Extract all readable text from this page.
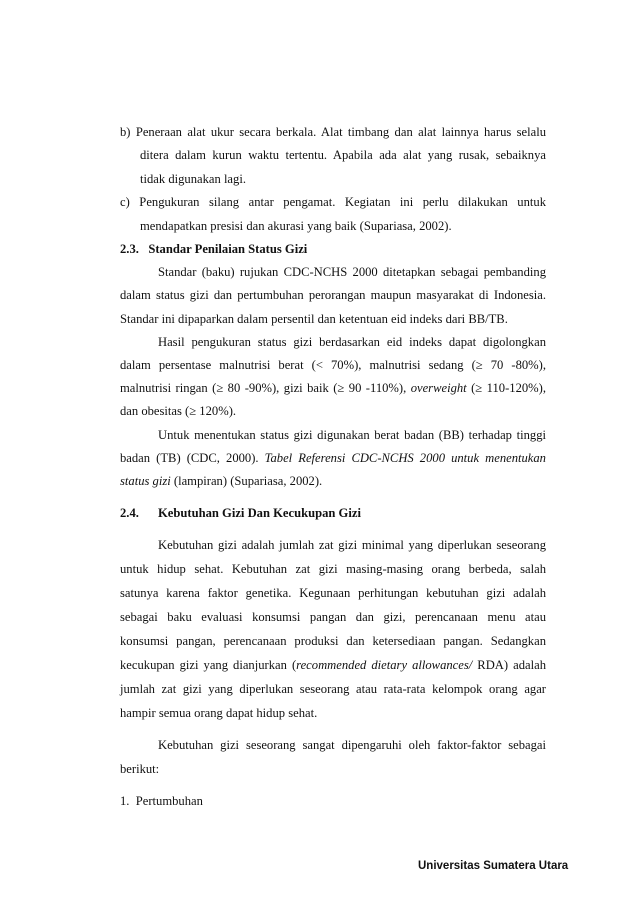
b) Peneraan alat ukur secara berkala. Alat timbang dan alat lainnya harus selalu
ditera dalam kurun waktu tertentu. Apabila ada alat yang rusak, sebaiknya
tidak digunakan lagi.
c) Pengukuran silang antar pengamat. Kegiatan ini perlu dilakukan untuk
mendapatkan presisi dan akurasi yang baik (Supariasa, 2002).
2.3.   Standar Penilaian Status Gizi
Standar (baku) rujukan CDC-NCHS 2000 ditetapkan sebagai pembanding
dalam status gizi dan pertumbuhan perorangan maupun masyarakat di Indonesia.
Standar ini dipaparkan dalam persentil dan ketentuan eid indeks dari BB/TB.
Hasil pengukuran status gizi berdasarkan eid indeks dapat digolongkan
dalam persentase malnutrisi berat (< 70%), malnutrisi sedang (≥ 70 -80%),
malnutrisi ringan (≥ 80 -90%), gizi baik (≥ 90 -110%), overweight (≥ 110-120%),
dan obesitas (≥ 120%).
Untuk menentukan status gizi digunakan berat badan (BB) terhadap tinggi
badan (TB) (CDC, 2000). Tabel Referensi CDC-NCHS 2000 untuk menentukan
status gizi (lampiran) (Supariasa, 2002).
2.4. Kebutuhan Gizi Dan Kecukupan Gizi
Kebutuhan gizi adalah jumlah zat gizi minimal yang diperlukan seseorang
untuk hidup sehat. Kebutuhan zat gizi masing-masing orang berbeda, salah
satunya karena faktor genetika. Kegunaan perhitungan kebutuhan gizi adalah
sebagai baku evaluasi konsumsi pangan dan gizi, perencanaan menu atau
konsumsi pangan, perencanaan produksi dan ketersediaan pangan. Sedangkan
kecukupan gizi yang dianjurkan (recommended dietary allowances/ RDA) adalah
jumlah zat gizi yang diperlukan seseorang atau rata-rata kelompok orang agar
hampir semua orang dapat hidup sehat.
Kebutuhan gizi seseorang sangat dipengaruhi oleh faktor-faktor sebagai
berikut:
1.  Pertumbuhan
Universitas Sumatera Utara
